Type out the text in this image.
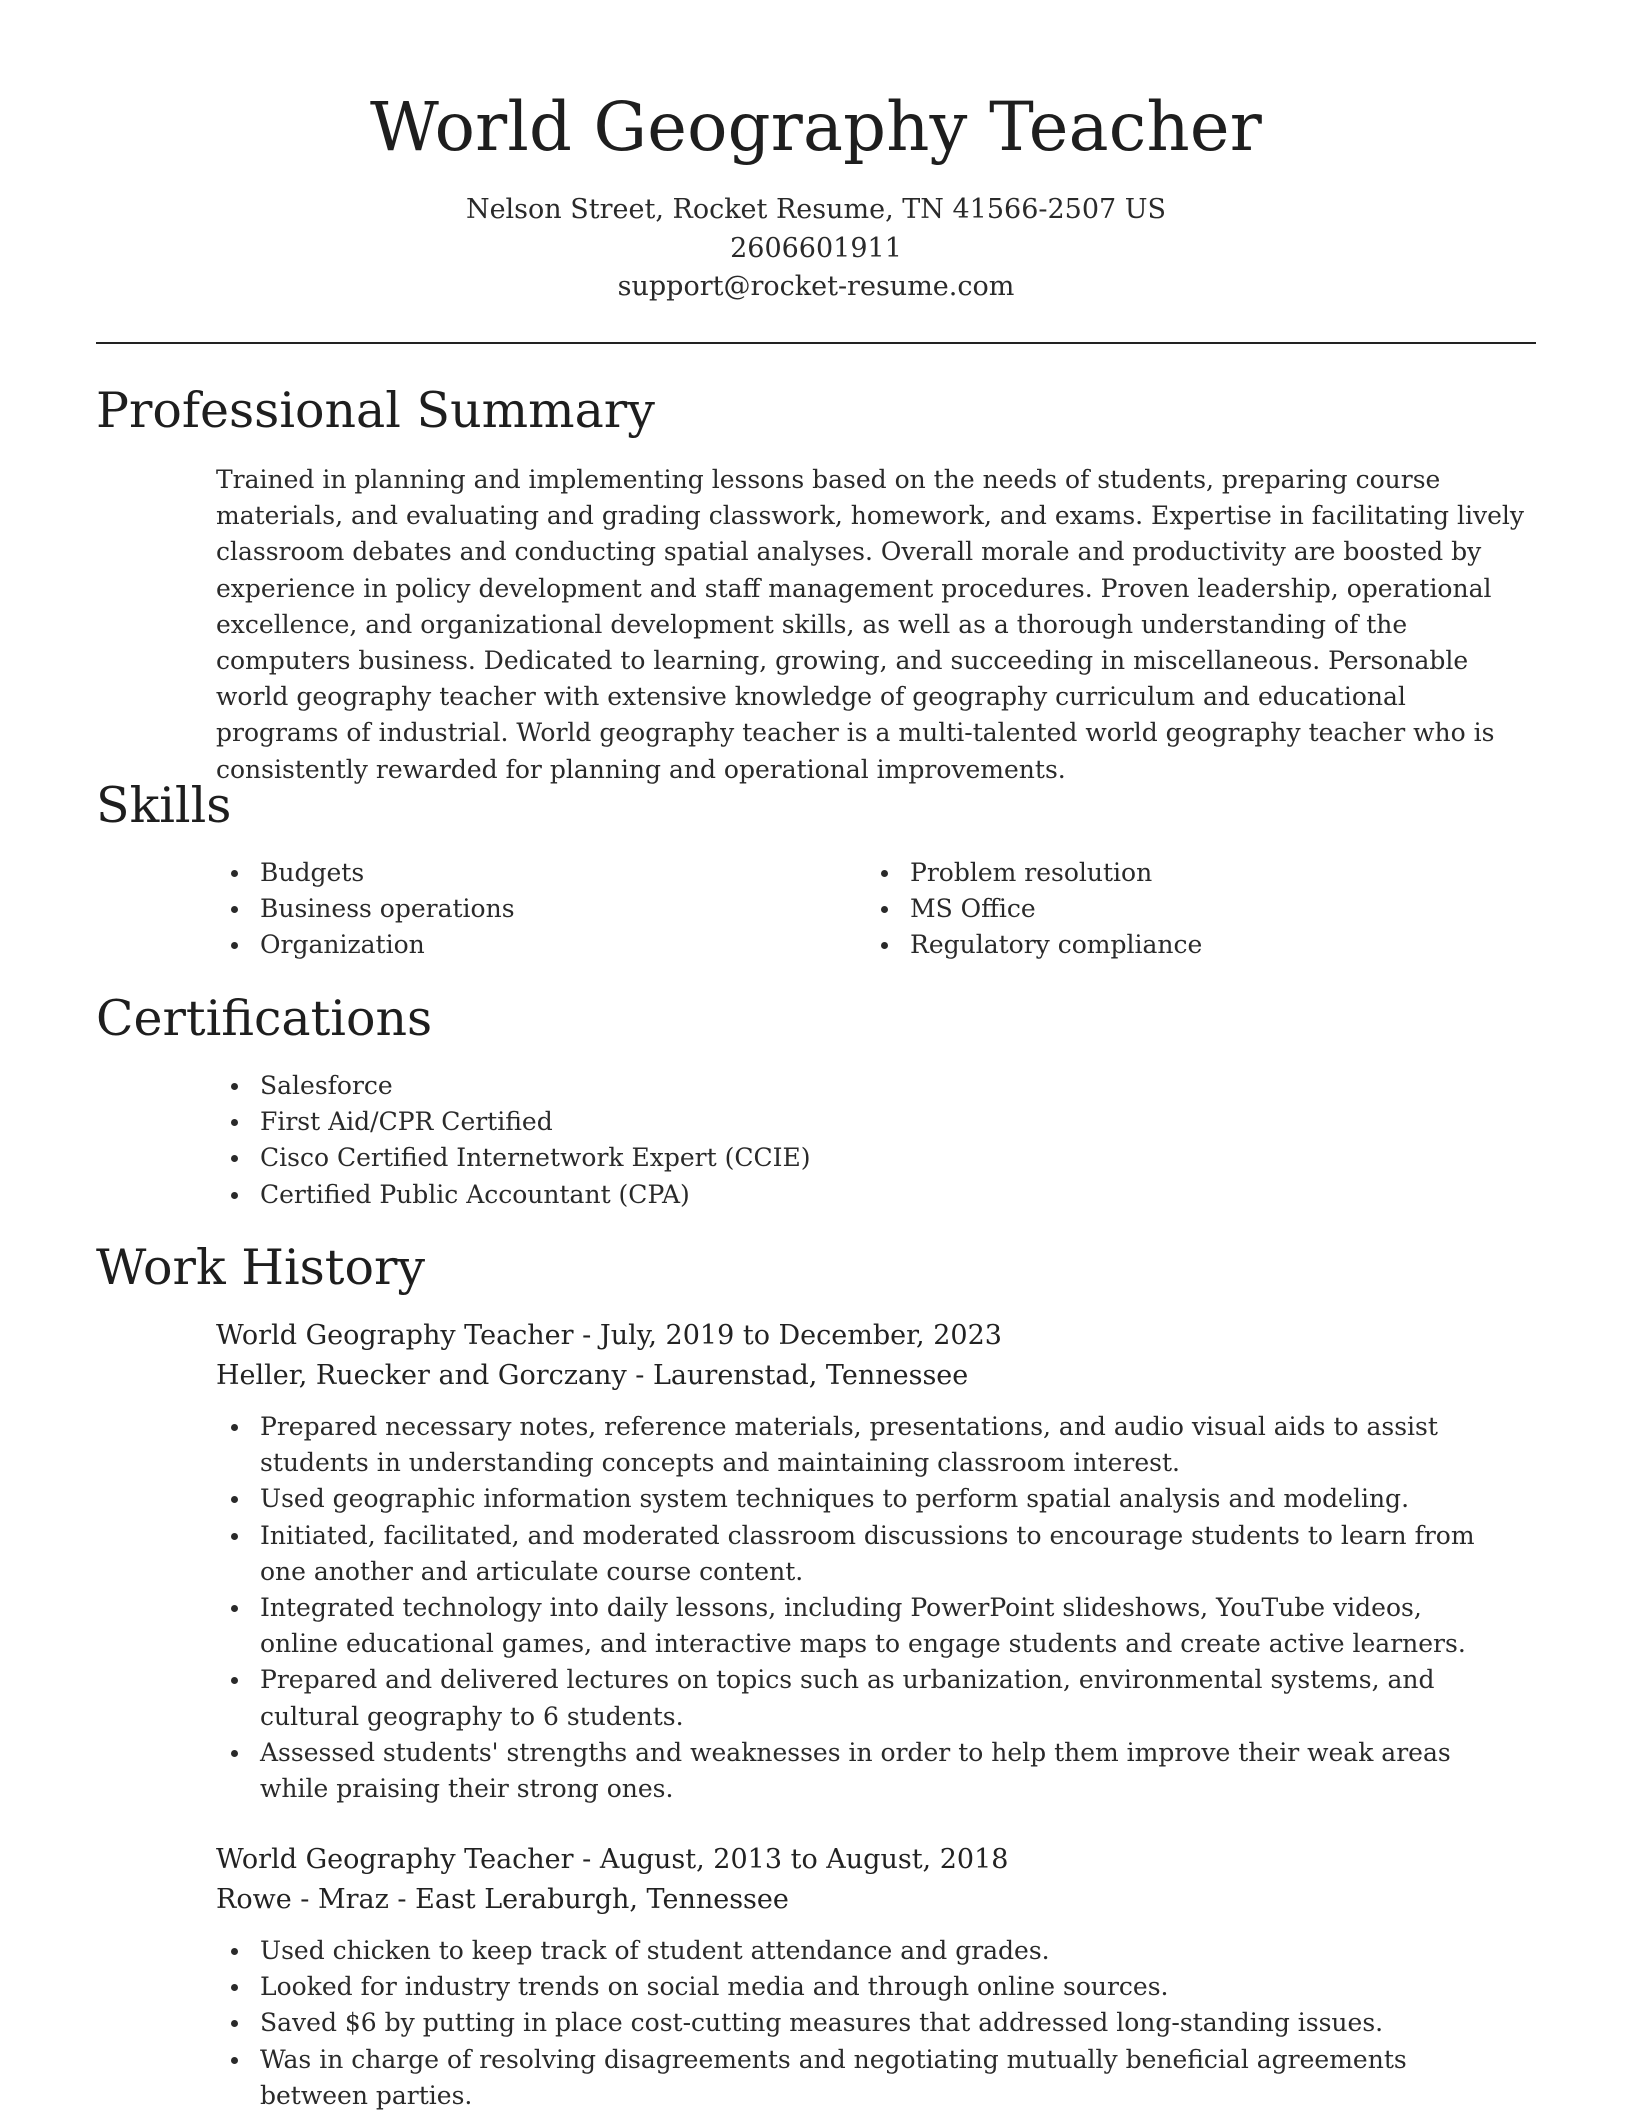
World Geography Teacher
Nelson Street, Rocket Resume, TN 41566-2507 US
2606601911
support@rocket-resume.com
Professional Summary

Trained in planning and implementing lessons based on the needs of students, preparing course materials, and evaluating and grading classwork, homework, and exams. Expertise in facilitating lively classroom debates and conducting spatial analyses. Overall morale and productivity are boosted by experience in policy development and staff management procedures. Proven leadership, operational excellence, and organizational development skills, as well as a thorough understanding of the computers business. Dedicated to learning, growing, and succeeding in miscellaneous. Personable world geography teacher with extensive knowledge of geography curriculum and educational programs of industrial. World geography teacher is a multi-talented world geography teacher who is consistently rewarded for planning and operational improvements.

Skills
Budgets
Business operations
Organization
Problem resolution
MS Office
Regulatory compliance
Certifications
Salesforce
First Aid/CPR Certified
Cisco Certified Internetwork Expert (CCIE)
Certified Public Accountant (CPA)
Work History

World Geography Teacher - July, 2019 to December, 2023

Heller, Ruecker and Gorczany - Laurenstad, Tennessee

Prepared necessary notes, reference materials, presentations, and audio visual aids to assist students in understanding concepts and maintaining classroom interest.
Used geographic information system techniques to perform spatial analysis and modeling.
Initiated, facilitated, and moderated classroom discussions to encourage students to learn from one another and articulate course content.
Integrated technology into daily lessons, including PowerPoint slideshows, YouTube videos, online educational games, and interactive maps to engage students and create active learners.
Prepared and delivered lectures on topics such as urbanization, environmental systems, and cultural geography to 6 students.
Assessed students' strengths and weaknesses in order to help them improve their weak areas while praising their strong ones.

World Geography Teacher - August, 2013 to August, 2018

Rowe - Mraz - East Leraburgh, Tennessee

Used chicken to keep track of student attendance and grades.
Looked for industry trends on social media and through online sources.
Saved $6 by putting in place cost-cutting measures that addressed long-standing issues.
Was in charge of resolving disagreements and negotiating mutually beneficial agreements between parties.
